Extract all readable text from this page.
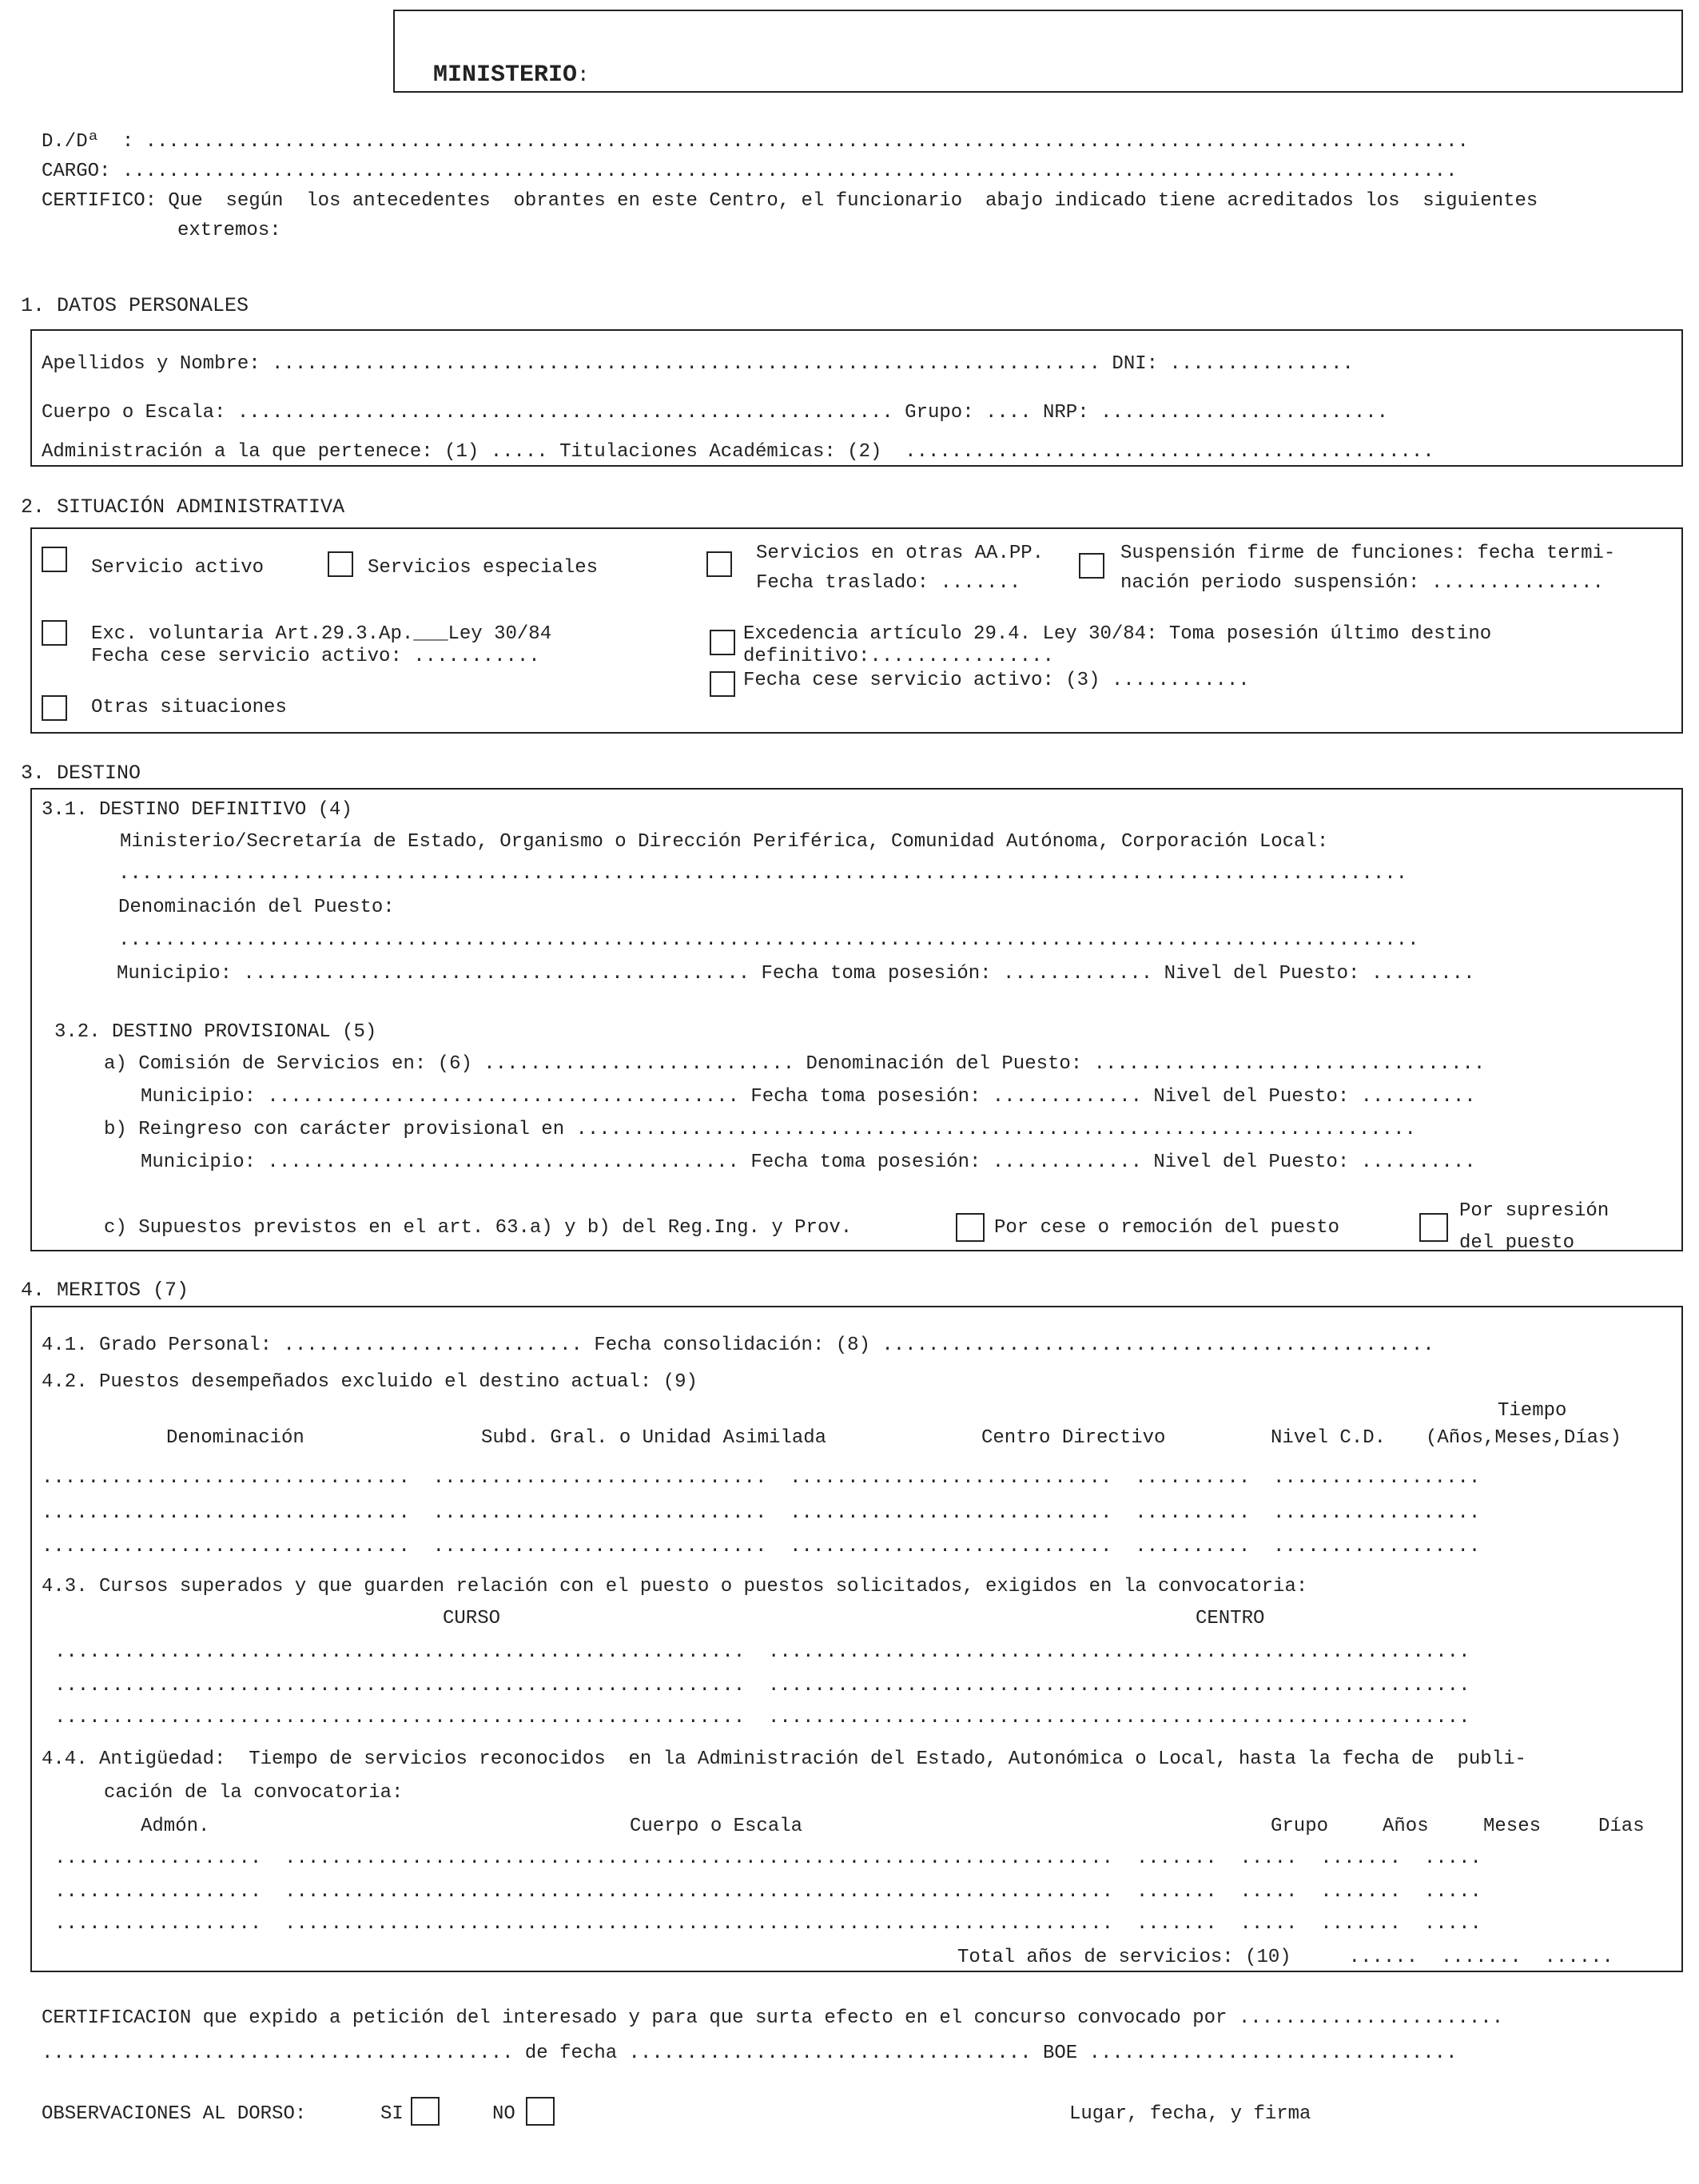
MINISTERIO:

D./Dª  : ...................................................................................................................
CARGO: ....................................................................................................................
CERTIFICO: Que  según  los antecedentes  obrantes en este Centro, el funcionario  abajo indicado tiene acreditados los  siguientes
extremos:
1. DATOS PERSONALES
Apellidos y Nombre: ........................................................................ DNI: ................
Cuerpo o Escala: ......................................................... Grupo: .... NRP: .........................
Administración a la que pertenece: (1) ..... Titulaciones Académicas: (2)  ..............................................
2. SITUACIÓN ADMINISTRATIVA
Servicio activo	Servicios especiales
Servicios en otras AA.PP.
Fecha traslado: .......
Suspensión firme de funciones: fecha termi-
nación periodo suspensión: ...............
Exc. voluntaria Art.29.3.Ap.___Ley 30/84
Fecha cese servicio activo: ...........
Excedencia artículo 29.4. Ley 30/84: Toma posesión último destino
definitivo:................
Fecha cese servicio activo: (3) ............
Otras situaciones
3. DESTINO
3.1. DESTINO DEFINITIVO (4)
Ministerio/Secretaría de Estado, Organismo o Dirección Periférica, Comunidad Autónoma, Corporación Local:
................................................................................................................
Denominación del Puesto:
.................................................................................................................
Municipio: ............................................ Fecha toma posesión: ............. Nivel del Puesto: .........
3.2. DESTINO PROVISIONAL (5)
a) Comisión de Servicios en: (6) ........................... Denominación del Puesto: ..................................
Municipio: ......................................... Fecha toma posesión: ............. Nivel del Puesto: ..........
b) Reingreso con carácter provisional en .........................................................................
Municipio: ......................................... Fecha toma posesión: ............. Nivel del Puesto: ..........
c) Supuestos previstos en el art. 63.a) y b) del Reg.Ing. y Prov.	Por cese o remoción del puesto
Por supresión
del puesto
4. MERITOS (7)
4.1. Grado Personal: .......................... Fecha consolidación: (8) ................................................
4.2. Puestos desempeñados excluido el destino actual: (9)
Denominación	Subd. Gral. o Unidad Asimilada	Centro Directivo	Nivel C.D.
Tiempo
(Años,Meses,Días)
................................  .............................  ............................  ..........  ..................
................................  .............................  ............................  ..........  ..................
................................  .............................  ............................  ..........  ..................
4.3. Cursos superados y que guarden relación con el puesto o puestos solicitados, exigidos en la convocatoria:
CURSO	CENTRO
............................................................  .............................................................
............................................................  .............................................................
............................................................  .............................................................
4.4. Antigüedad:  Tiempo de servicios reconocidos  en la Administración del Estado, Autonómica o Local, hasta la fecha de  publi-
cación de la convocatoria:
Admón.	Cuerpo o Escala	Grupo	Años	Meses	Días
..................  ........................................................................  .......  .....  .......  .....
..................  ........................................................................  .......  .....  .......  .....
..................  ........................................................................  .......  .....  .......  .....
Total años de servicios: (10)     ......  .......  ......
CERTIFICACION que expido a petición del interesado y para que surta efecto en el concurso convocado por .......................
......................................... de fecha ................................... BOE ................................
OBSERVACIONES AL DORSO:	SI	NO	Lugar, fecha, y firma
